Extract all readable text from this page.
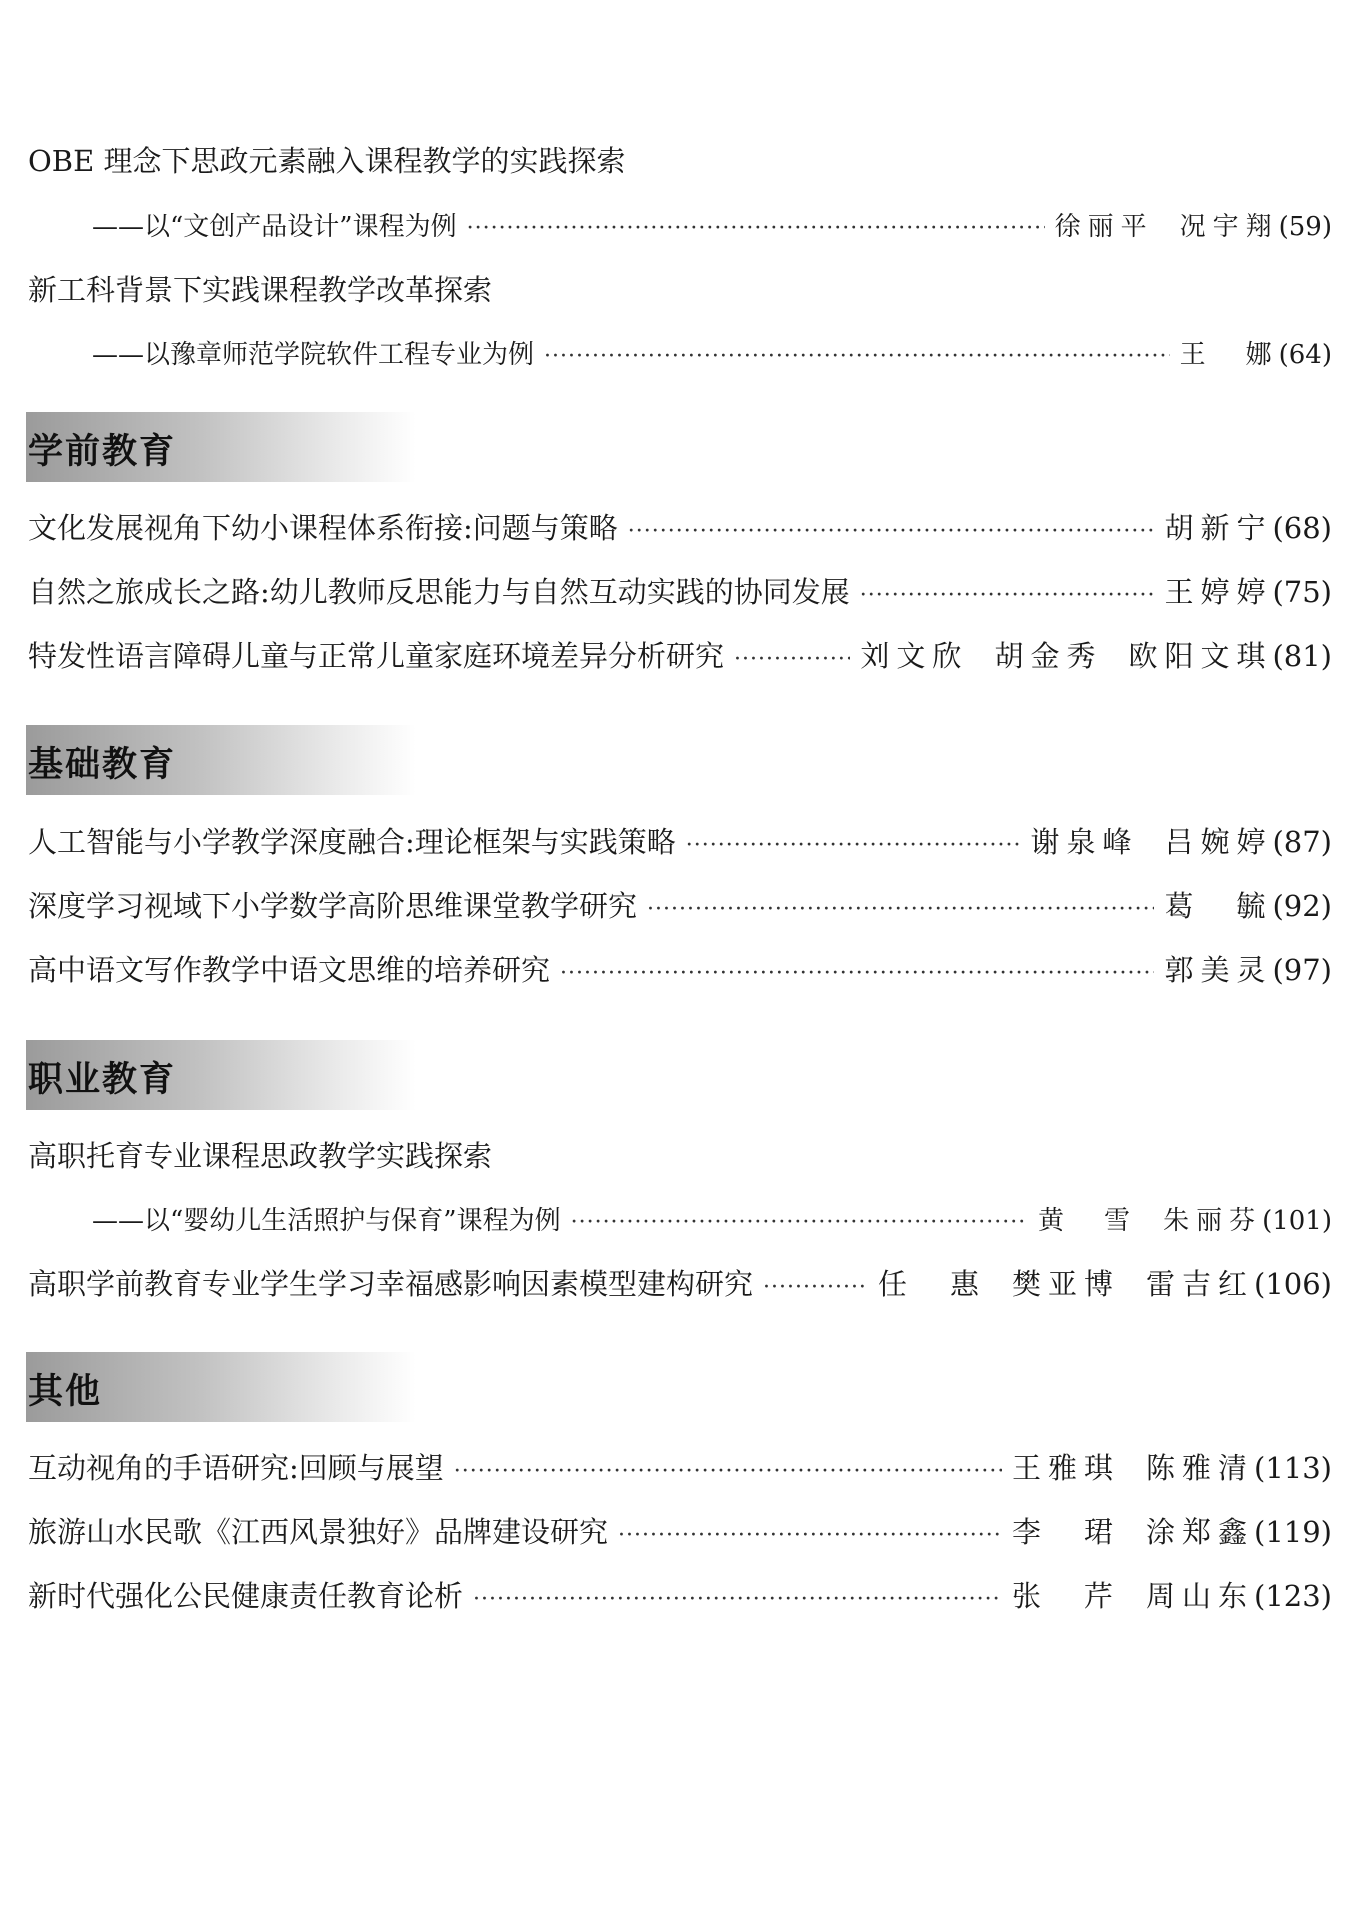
OBE 理念下思政元素融入课程教学的实践探索
——以“文创产品设计”课程为例 ·····	徐丽平 况宇翔 (59)
新工科背景下实践课程教学改革探索
——以豫章师范学院软件工程专业为例 ·····	王　娜 (64)
学前教育
文化发展视角下幼小课程体系衔接:问题与策略 ·····	胡新宁 (68)
自然之旅成长之路:幼儿教师反思能力与自然互动实践的协同发展 ·····	王婷婷 (75)
特发性语言障碍儿童与正常儿童家庭环境差异分析研究 ·····	刘文欣 胡金秀 欧阳文琪 (81)
基础教育
人工智能与小学教学深度融合:理论框架与实践策略 ·····	谢泉峰 吕婉婷 (87)
深度学习视域下小学数学高阶思维课堂教学研究 ·····	葛　毓 (92)
高中语文写作教学中语文思维的培养研究 ·····	郭美灵 (97)
职业教育
高职托育专业课程思政教学实践探索
——以“婴幼儿生活照护与保育”课程为例 ·····	黄　雪 朱丽芬 (101)
高职学前教育专业学生学习幸福感影响因素模型建构研究 ·····	任　惠 樊亚博 雷吉红 (106)
其他
互动视角的手语研究:回顾与展望 ·····	王雅琪 陈雅清 (113)
旅游山水民歌《江西风景独好》品牌建设研究 ·····	李　珺 涂郑鑫 (119)
新时代强化公民健康责任教育论析 ·····	张　芹 周山东 (123)
